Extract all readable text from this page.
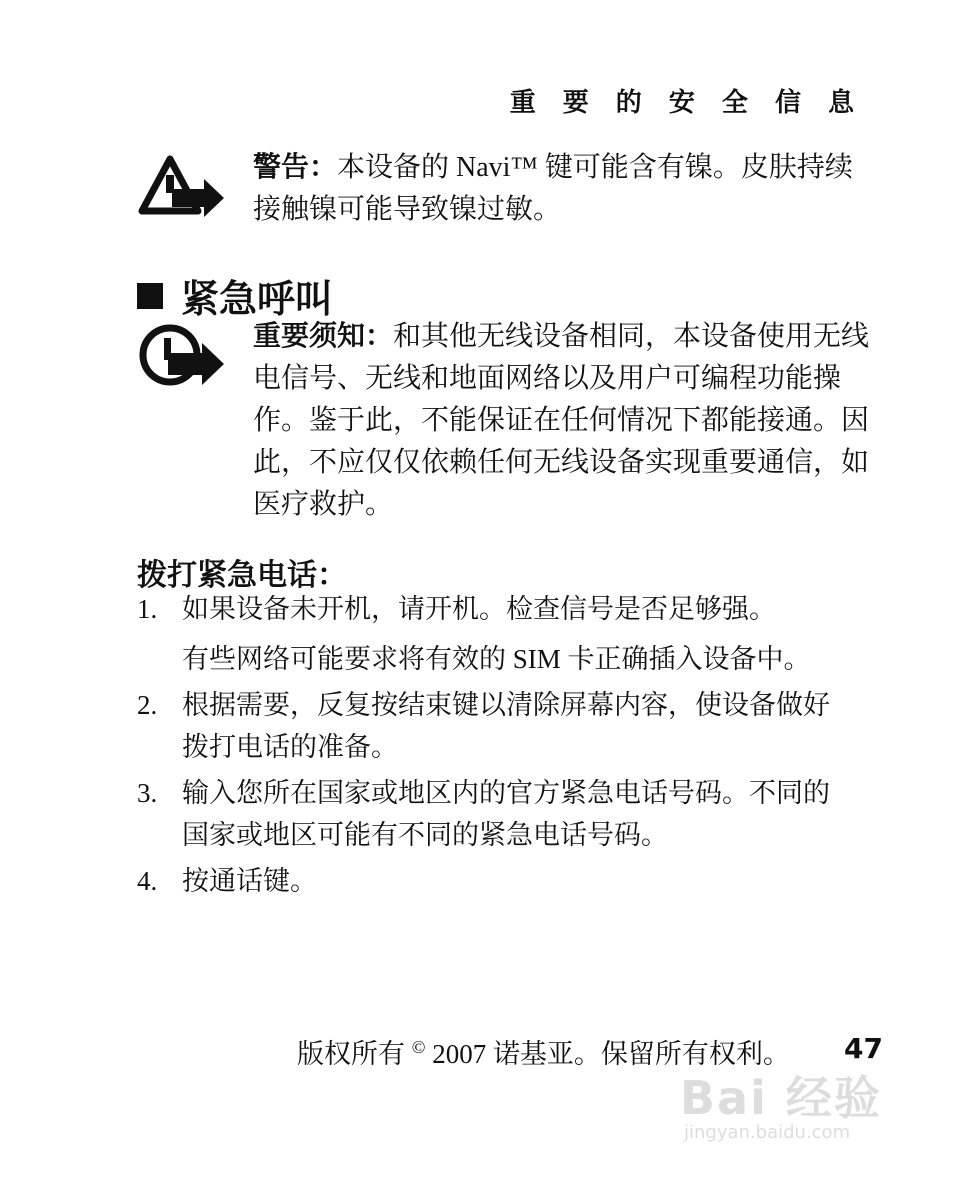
重 要 的 安 全 信 息
警告：本设备的 Navi™ 键可能含有镍。皮肤持续
接触镍可能导致镍过敏。
紧急呼叫
重要须知：和其他无线设备相同，本设备使用无线
电信号、无线和地面网络以及用户可编程功能操
作。鉴于此，不能保证在任何情况下都能接通。因
此，不应仅仅依赖任何无线设备实现重要通信，如
医疗救护。
拨打紧急电话：
1. 如果设备未开机，请开机。检查信号是否足够强。
有些网络可能要求将有效的 SIM 卡正确插入设备中。
2. 根据需要，反复按结束键以清除屏幕内容，使设备做好
拨打电话的准备。
3. 输入您所在国家或地区内的官方紧急电话号码。不同的
国家或地区可能有不同的紧急电话号码。
4. 按通话键。
版权所有 © 2007 诺基亚。保留所有权利。 47
Bai 经验
jingyan.baidu.com
